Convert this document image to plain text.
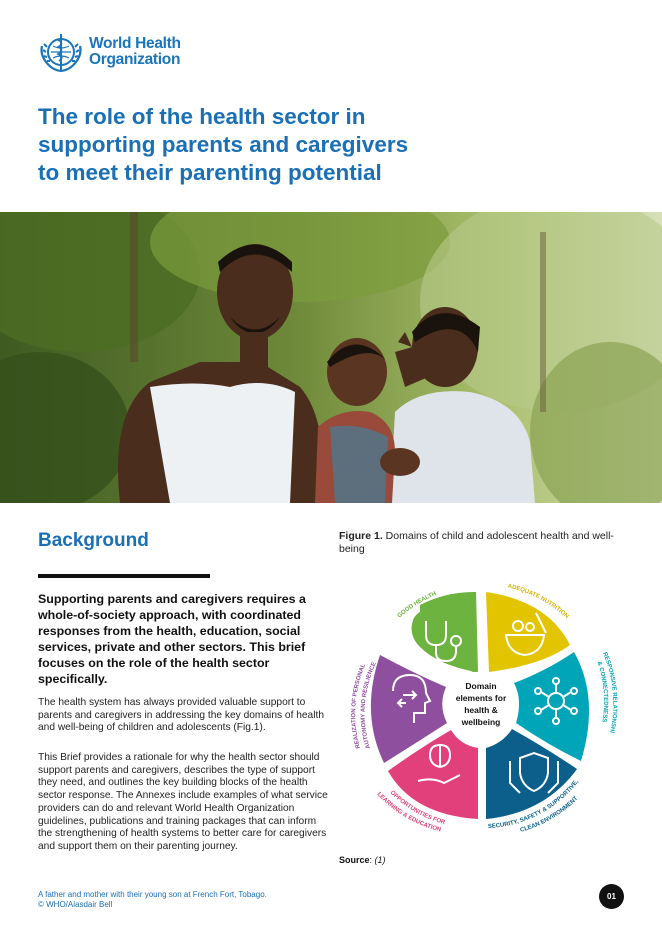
World Health
Organization
The role of the health sector in
supporting parents and caregivers
to meet their parenting potential
Background
Supporting parents and caregivers requires a whole-of-society approach, with coordinated responses from the health, education, social services, private and other sectors. This brief focuses on the role of the health sector specifically.
The health system has always provided valuable support to parents and caregivers in addressing the key domains of health and well-being of children and adolescents (Fig.1).
This Brief provides a rationale for why the health sector should support parents and caregivers, describes the type of support they need, and outlines the key building blocks of the health sector response. The Annexes include examples of what service providers can do and relevant World Health Organization guidelines, publications and training packages that can inform the strengthening of health systems to better care for caregivers and support them on their parenting journey.
Figure 1. Domains of child and adolescent health and well-being
Domain
elements for
health &
wellbeing
GOOD HEALTH
ADEQUATE NUTRITION
RESPONSIVE RELATIONSHI
& CONNECTEDNESS
SECURITY, SAFETY & SUPPORTIVE,
CLEAN ENVIRONMENT
OPPORTUNITIES FOR
LEARNING & EDUCATION
REALIZATION OF PERSONAL
AUTONOMY AND RESILIENCE
Source: (1)
A father and mother with their young son at French Fort, Tobago.
© WHO/Alasdair Bell
01
